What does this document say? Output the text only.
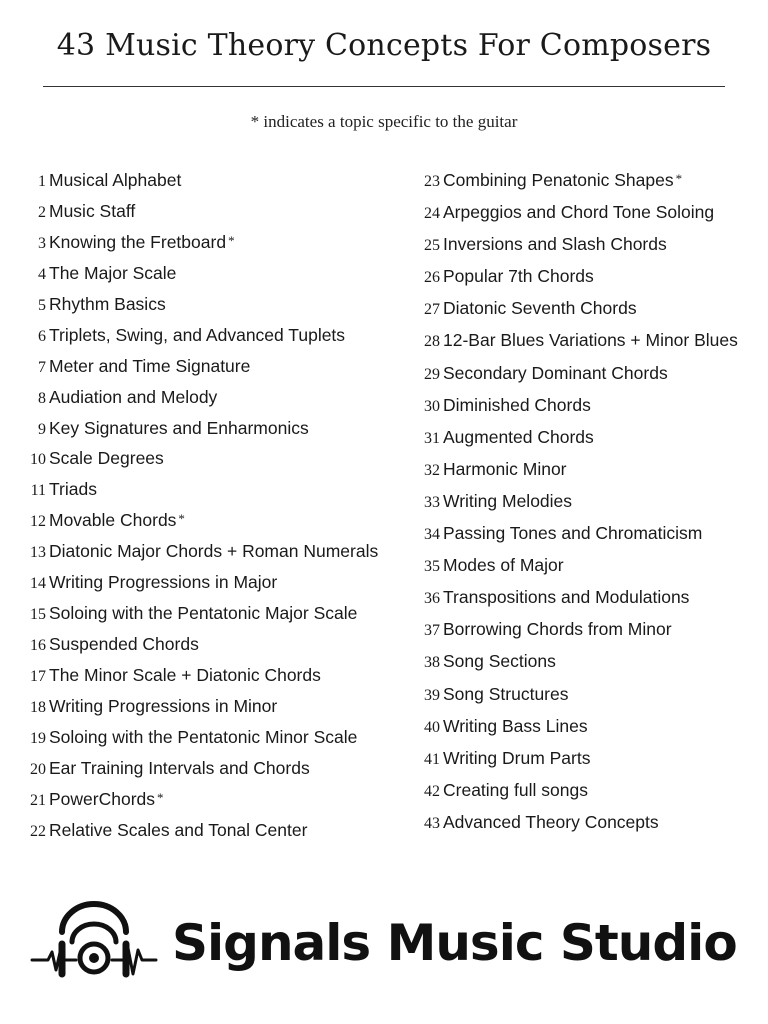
43 Music Theory Concepts For Composers
* indicates a topic specific to the guitar
1 Musical Alphabet
2 Music Staff
3 Knowing the Fretboard *
4 The Major Scale
5 Rhythm Basics
6 Triplets, Swing, and Advanced Tuplets
7 Meter and Time Signature
8 Audiation and Melody
9 Key Signatures and Enharmonics
10 Scale Degrees
11 Triads
12 Movable Chords *
13 Diatonic Major Chords + Roman Numerals
14 Writing Progressions in Major
15 Soloing with the Pentatonic Major Scale
16 Suspended Chords
17 The Minor Scale + Diatonic Chords
18 Writing Progressions in Minor
19 Soloing with the Pentatonic Minor Scale
20 Ear Training Intervals and Chords
21 PowerChords *
22 Relative Scales and Tonal Center
23 Combining Penatonic Shapes *
24 Arpeggios and Chord Tone Soloing
25 Inversions and Slash Chords
26 Popular 7th Chords
27 Diatonic Seventh Chords
28 12-Bar Blues Variations + Minor Blues
29 Secondary Dominant Chords
30 Diminished Chords
31 Augmented Chords
32 Harmonic Minor
33 Writing Melodies
34 Passing Tones and Chromaticism
35 Modes of Major
36 Transpositions and Modulations
37 Borrowing Chords from Minor
38 Song Sections
39 Song Structures
40 Writing Bass Lines
41 Writing Drum Parts
42 Creating full songs
43 Advanced Theory Concepts
Signals Music Studio
